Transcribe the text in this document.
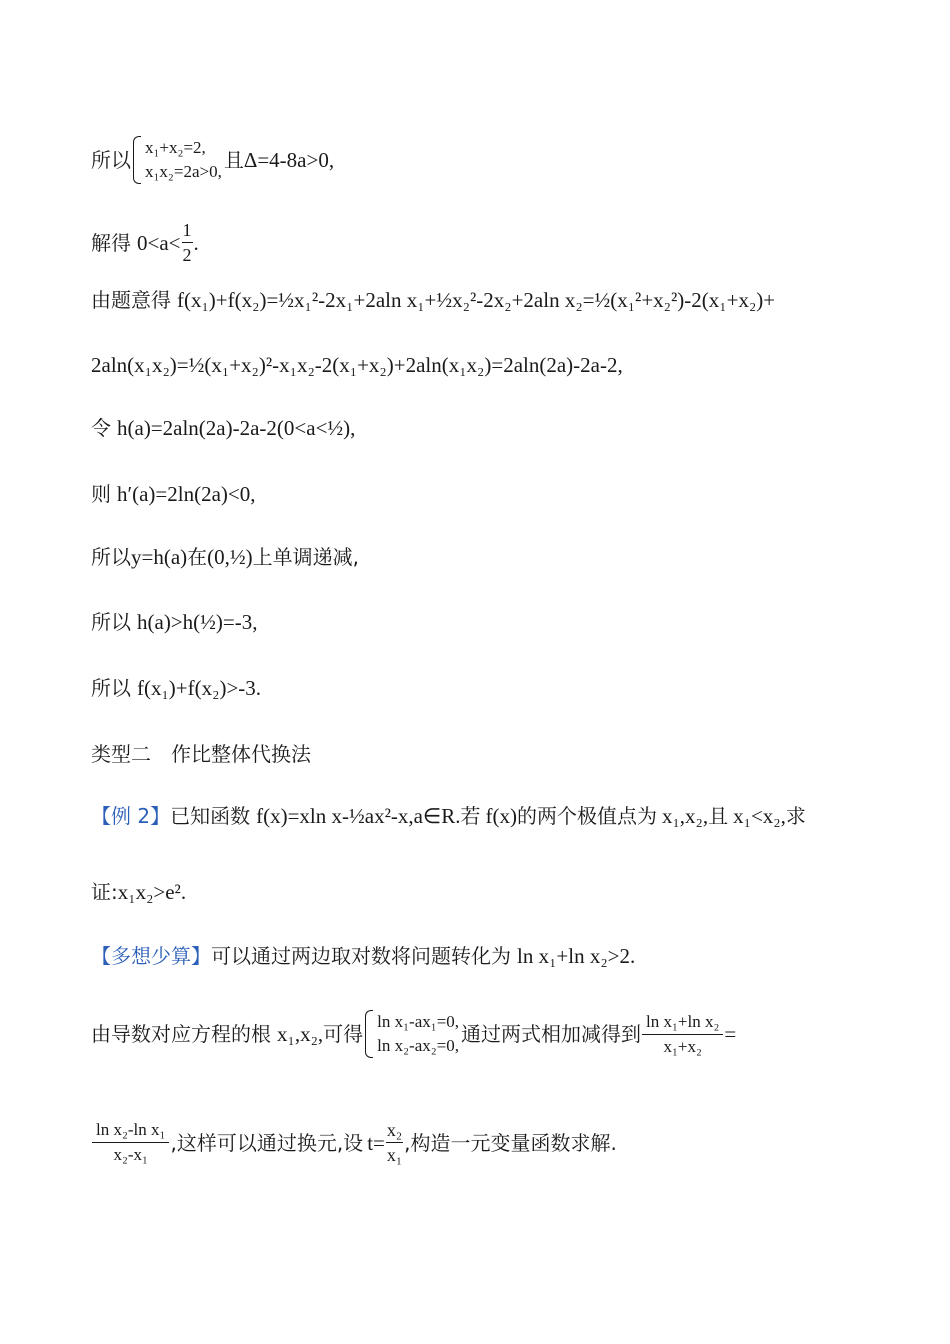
所以
x₁+x₂=2,
x₁x₂=2a>0, 且 Δ=4-8a>0,
解得 $0<a< \frac{1}{2}$ .
由题意得 f(x₁)+f(x₂)=½x₁²-2x₁+2aln x₁+½x₂²-2x₂+2aln x₂=½(x₁²+x₂²)-2(x₁+x₂)+
2aln(x₁x₂)=½(x₁+x₂)²-x₁x₂-2(x₁+x₂)+2aln(x₁x₂)=2aln(2a)-2a-2,
令 h(a)=2aln(2a)-2a-2(0<a<½),
则 h′(a)=2ln(2a)<0,
所以 y=h(a) 在 (0,½) 上单调递减,
所以 h(a)>h(½)=-3,
所以 f(x₁)+f(x₂)>-3.
类型二 作比整体代换法
【例 2】 已知函数 f(x)=xln x-½ax²-x,a∈R. 若 f(x) 的两个极值点为 x₁,x₂, 且 x₁<x₂, 求
证: x₁x₂>e².
【多想少算】 可以通过两边取对数将问题转化为 ln x₁+ln x₂>2.
由导数对应方程的根 x₁,x₂, 可得
ln x₁-ax₁=0,
ln x₂-ax₂=0, 通过两式相加减得到 $\frac{\text{ln x₁+ln x₂}}{\text{x₁+x₂}}$ =
$\frac{\text{ln x₂-ln x₁}}{\text{x₂-x₁}}$ ,这样可以通过换元,设 $t= \frac{\text{x₂}}{\text{x₁}}$ ,构造一元变量函数求解.
